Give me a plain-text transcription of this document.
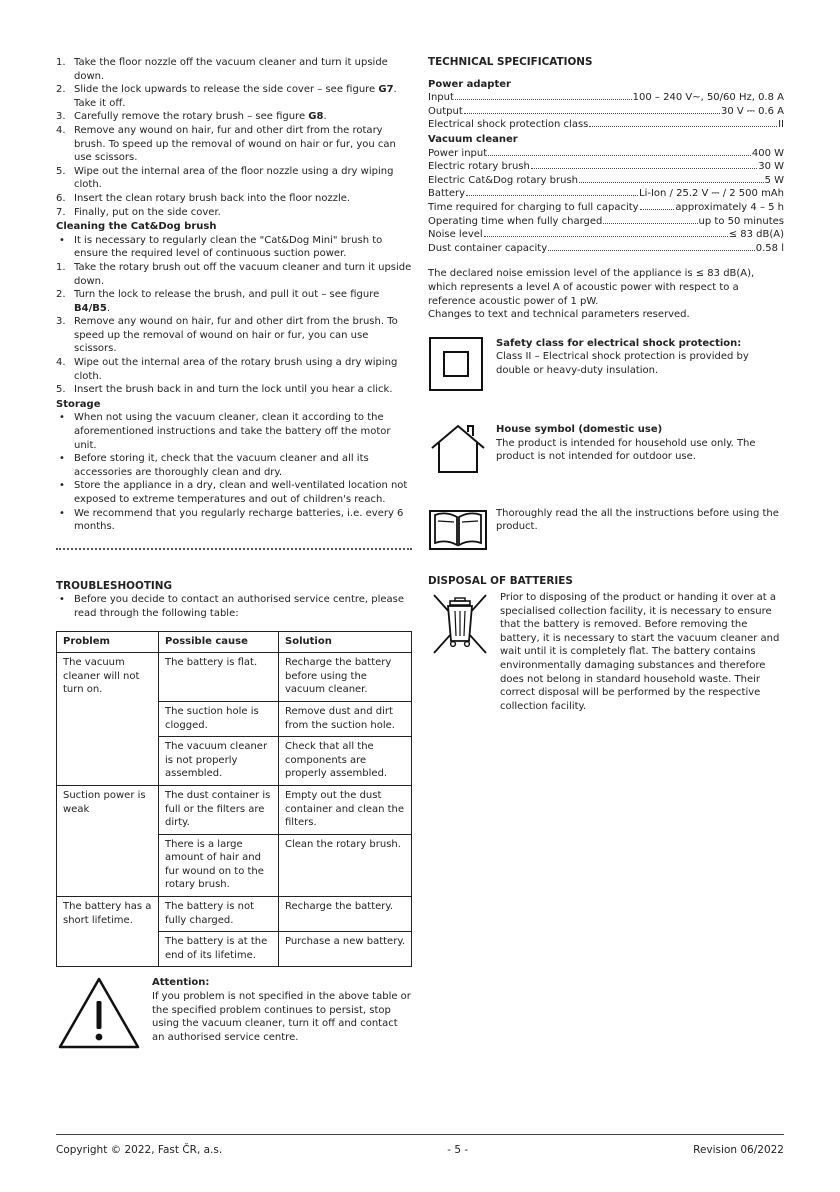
1. Take the floor nozzle off the vacuum cleaner and turn it upside down.
2. Slide the lock upwards to release the side cover – see figure G7. Take it off.
3. Carefully remove the rotary brush – see figure G8.
4. Remove any wound on hair, fur and other dirt from the rotary brush. To speed up the removal of wound on hair or fur, you can use scissors.
5. Wipe out the internal area of the floor nozzle using a dry wiping cloth.
6. Insert the clean rotary brush back into the floor nozzle.
7. Finally, put on the side cover.
Cleaning the Cat&Dog brush
• It is necessary to regularly clean the "Cat&Dog Mini" brush to ensure the required level of continuous suction power.
1. Take the rotary brush out off the vacuum cleaner and turn it upside down.
2. Turn the lock to release the brush, and pull it out – see figure B4/B5.
3. Remove any wound on hair, fur and other dirt from the brush. To speed up the removal of wound on hair or fur, you can use scissors.
4. Wipe out the internal area of the rotary brush using a dry wiping cloth.
5. Insert the brush back in and turn the lock until you hear a click.
Storage
• When not using the vacuum cleaner, clean it according to the aforementioned instructions and take the battery off the motor unit.
• Before storing it, check that the vacuum cleaner and all its accessories are thoroughly clean and dry.
• Store the appliance in a dry, clean and well-ventilated location not exposed to extreme temperatures and out of children's reach.
• We recommend that you regularly recharge batteries, i.e. every 6 months.
TROUBLESHOOTING
• Before you decide to contact an authorised service centre, please read through the following table:
Problem	Possible cause	Solution
The vacuum cleaner will not turn on.	The battery is flat.	Recharge the battery before using the vacuum cleaner.
	The suction hole is clogged.	Remove dust and dirt from the suction hole.
	The vacuum cleaner is not properly assembled.	Check that all the components are properly assembled.
Suction power is weak	The dust container is full or the filters are dirty.	Empty out the dust container and clean the filters.
	There is a large amount of hair and fur wound on to the rotary brush.	Clean the rotary brush.
The battery has a short lifetime.	The battery is not fully charged.	Recharge the battery.
	The battery is at the end of its lifetime.	Purchase a new battery.
Attention:
If you problem is not specified in the above table or the specified problem continues to persist, stop using the vacuum cleaner, turn it off and contact an authorised service centre.
TECHNICAL SPECIFICATIONS
Power adapter
Input	100 – 240 V~, 50/60 Hz, 0.8 A
Output	30 V ⎓ 0.6 A
Electrical shock protection class	II
Vacuum cleaner
Power input	400 W
Electric rotary brush	30 W
Electric Cat&Dog rotary brush	5 W
Battery	Li-Ion / 25.2 V ⎓ / 2 500 mAh
Time required for charging to full capacity	approximately 4 – 5 h
Operating time when fully charged	up to 50 minutes
Noise level	≤ 83 dB(A)
Dust container capacity	0.58 l
The declared noise emission level of the appliance is ≤ 83 dB(A), which represents a level A of acoustic power with respect to a reference acoustic power of 1 pW.
Changes to text and technical parameters reserved.
Safety class for electrical shock protection:
Class II – Electrical shock protection is provided by double or heavy-duty insulation.
House symbol (domestic use)
The product is intended for household use only. The product is not intended for outdoor use.
Thoroughly read the all the instructions before using the product.
DISPOSAL OF BATTERIES
Prior to disposing of the product or handing it over at a specialised collection facility, it is necessary to ensure that the battery is removed. Before removing the battery, it is necessary to start the vacuum cleaner and wait until it is completely flat. The battery contains environmentally damaging substances and therefore does not belong in standard household waste. Their correct disposal will be performed by the respective collection facility.
Copyright © 2022, Fast ČR, a.s.	- 5 -	Revision 06/2022
